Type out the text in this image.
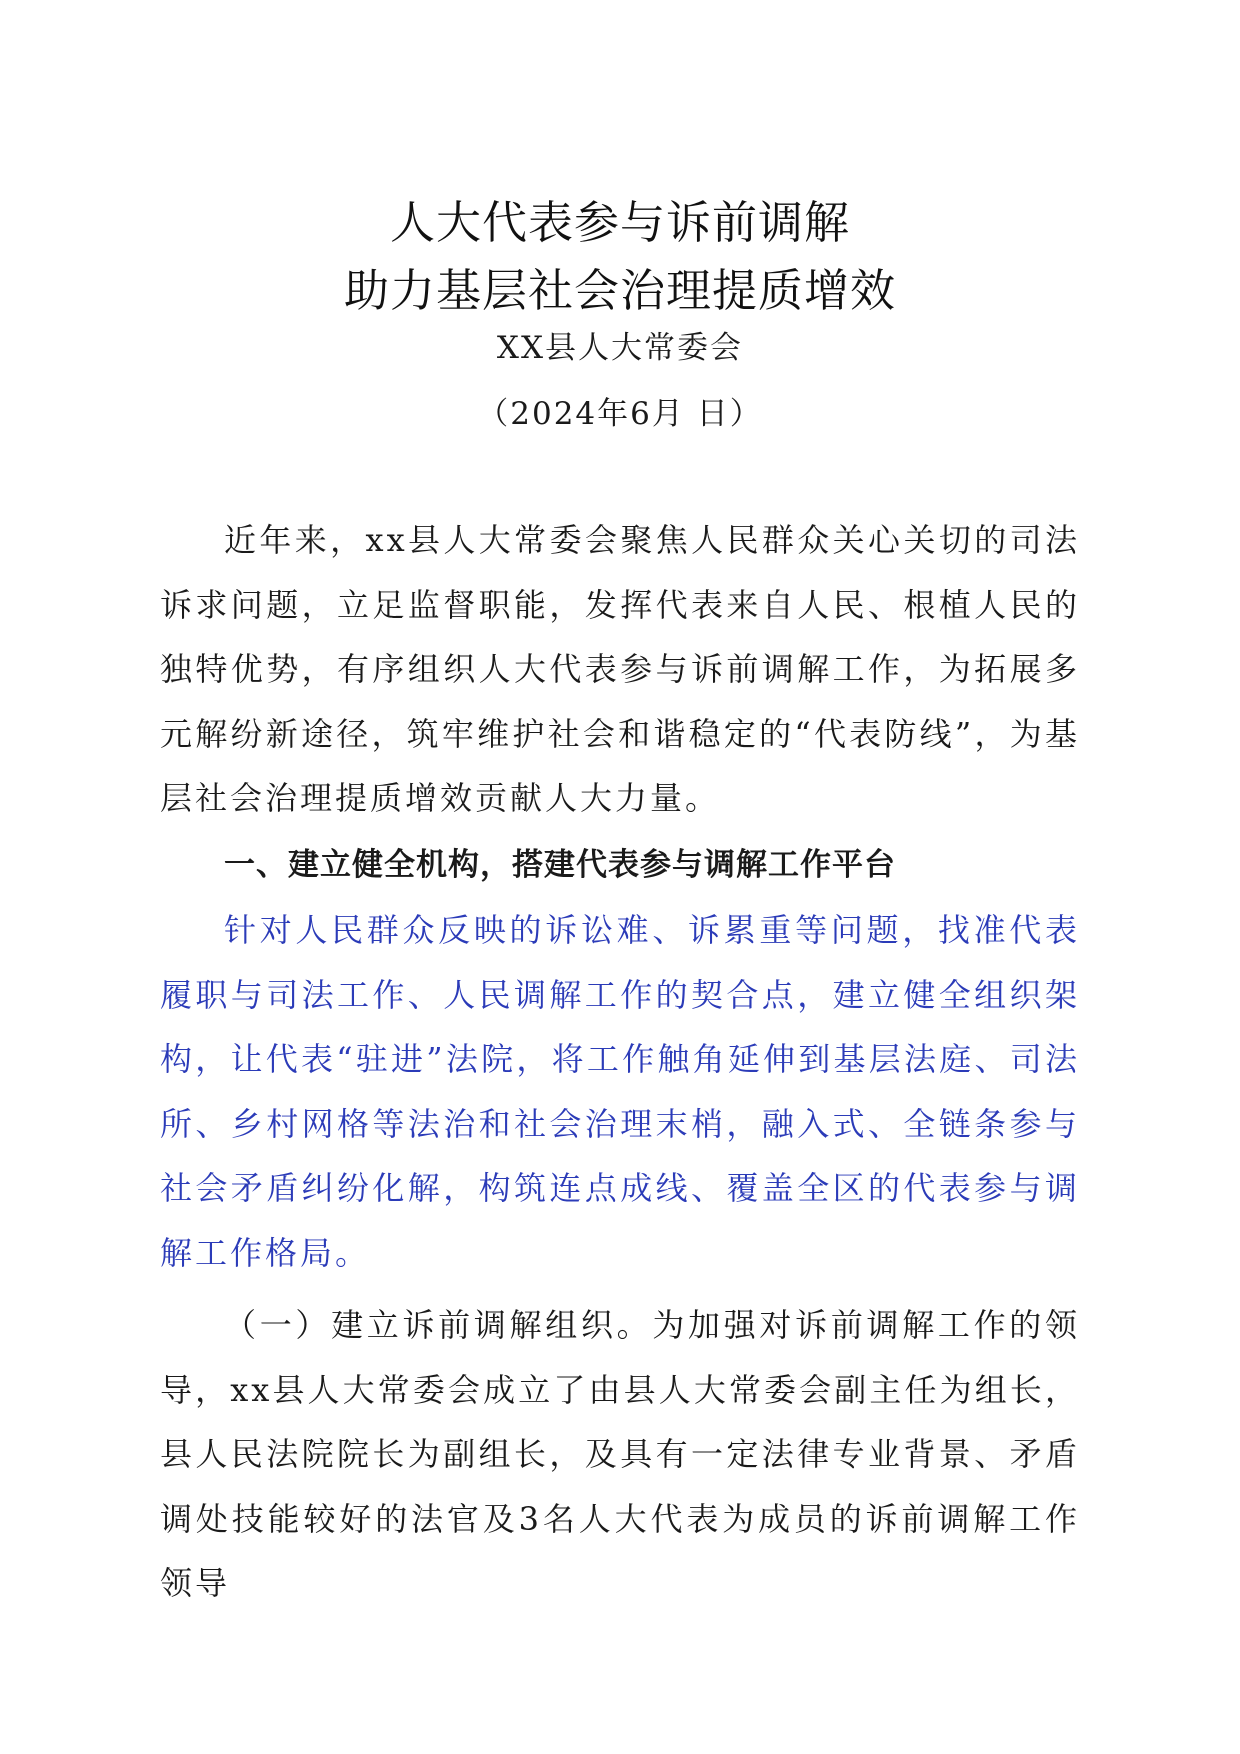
人大代表参与诉前调解
助力基层社会治理提质增效
XX县人大常委会
（2024年6月 日）

近年来，xx县人大常委会聚焦人民群众关心关切的司法诉求问题，立足监督职能，发挥代表来自人民、根植人民的独特优势，有序组织人大代表参与诉前调解工作，为拓展多元解纷新途径，筑牢维护社会和谐稳定的“代表防线”，为基层社会治理提质增效贡献人大力量。

一、建立健全机构，搭建代表参与调解工作平台

针对人民群众反映的诉讼难、诉累重等问题，找准代表履职与司法工作、人民调解工作的契合点，建立健全组织架构，让代表“驻进”法院，将工作触角延伸到基层法庭、司法所、乡村网格等法治和社会治理末梢，融入式、全链条参与社会矛盾纠纷化解，构筑连点成线、覆盖全区的代表参与调解工作格局。

（一）建立诉前调解组织。为加强对诉前调解工作的领导，xx县人大常委会成立了由县人大常委会副主任为组长，县人民法院院长为副组长，及具有一定法律专业背景、矛盾调处技能较好的法官及3名人大代表为成员的诉前调解工作领导
